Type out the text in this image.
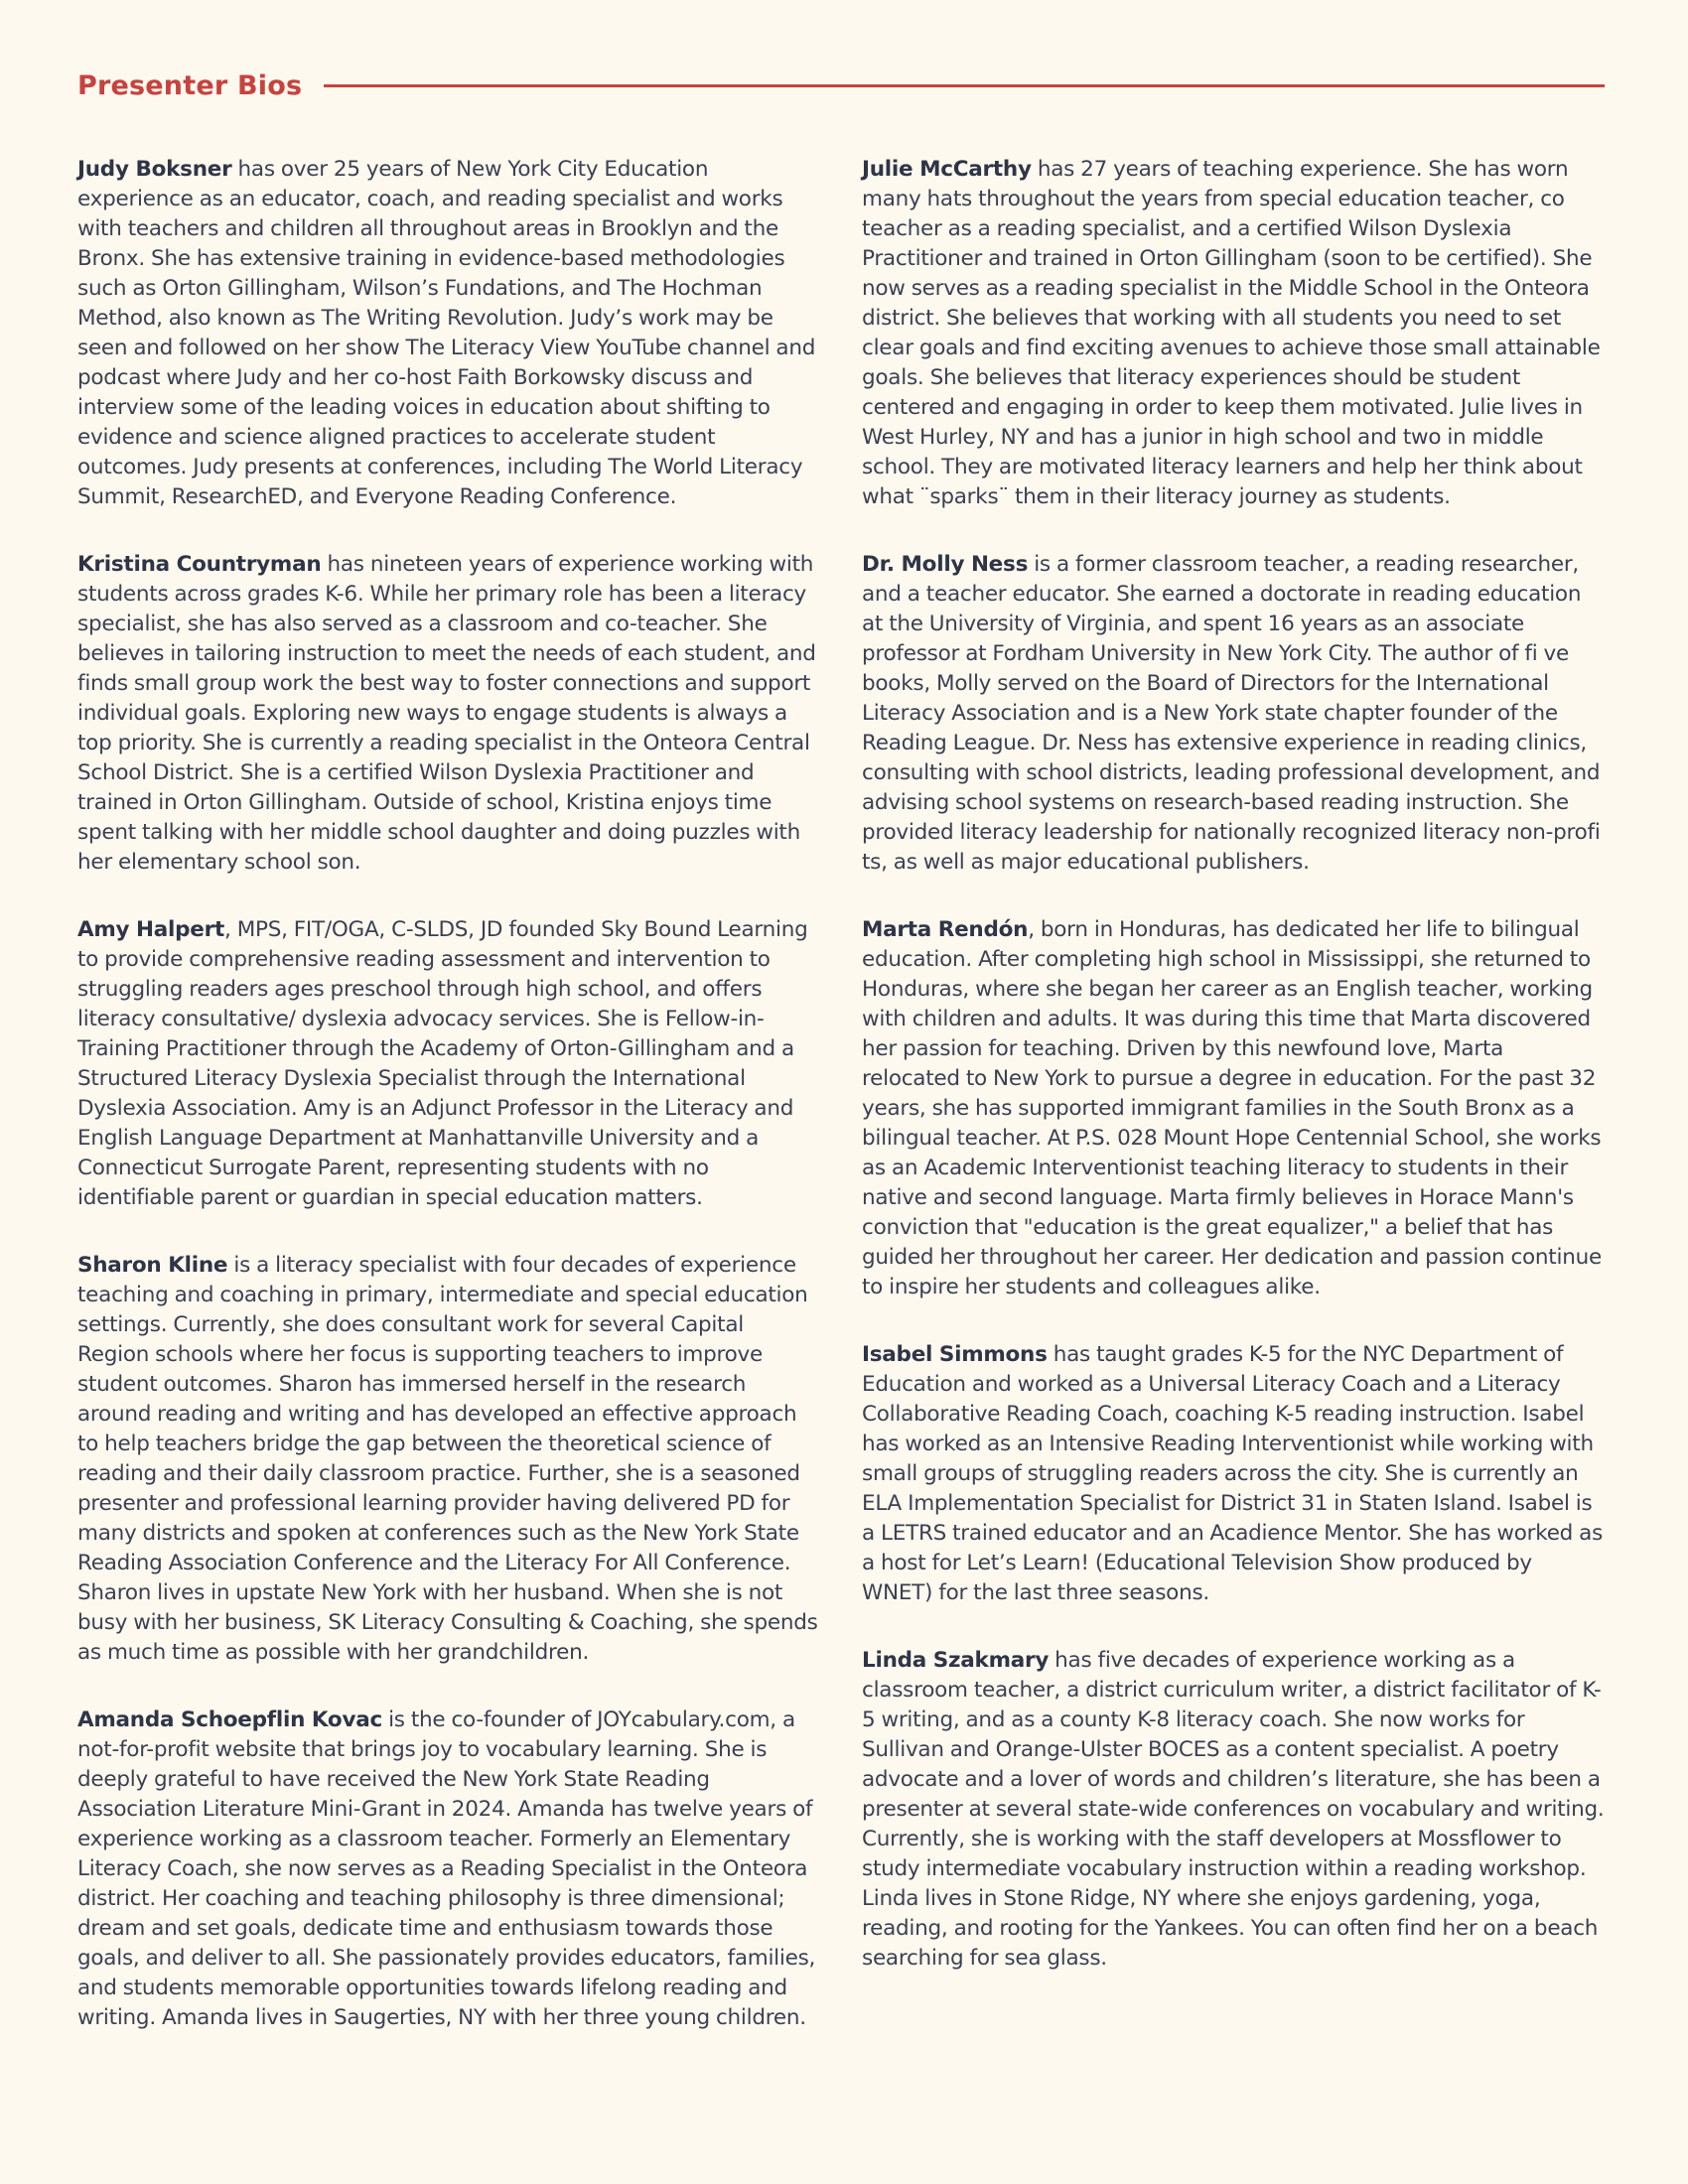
Presenter Bios

Judy Boksner has over 25 years of New York City Education experience as an educator, coach, and reading specialist and works with teachers and children all throughout areas in Brooklyn and the Bronx. She has extensive training in evidence-based methodologies such as Orton Gillingham, Wilson’s Fundations, and The Hochman Method, also known as The Writing Revolution. Judy’s work may be seen and followed on her show The Literacy View YouTube channel and podcast where Judy and her co-host Faith Borkowsky discuss and interview some of the leading voices in education about shifting to evidence and science aligned practices to accelerate student outcomes. Judy presents at conferences, including The World Literacy Summit, ResearchED, and Everyone Reading Conference.

Kristina Countryman has nineteen years of experience working with students across grades K-6. While her primary role has been a literacy specialist, she has also served as a classroom and co-teacher. She believes in tailoring instruction to meet the needs of each student, and finds small group work the best way to foster connections and support individual goals. Exploring new ways to engage students is always a top priority. She is currently a reading specialist in the Onteora Central School District. She is a certified Wilson Dyslexia Practitioner and trained in Orton Gillingham. Outside of school, Kristina enjoys time spent talking with her middle school daughter and doing puzzles with her elementary school son.

Amy Halpert, MPS, FIT/OGA, C-SLDS, JD founded Sky Bound Learning to provide comprehensive reading assessment and intervention to struggling readers ages preschool through high school, and offers literacy consultative/ dyslexia advocacy services. She is Fellow-in-Training Practitioner through the Academy of Orton-Gillingham and a Structured Literacy Dyslexia Specialist through the International Dyslexia Association. Amy is an Adjunct Professor in the Literacy and English Language Department at Manhattanville University and a Connecticut Surrogate Parent, representing students with no identifiable parent or guardian in special education matters.

Sharon Kline is a literacy specialist with four decades of experience teaching and coaching in primary, intermediate and special education settings. Currently, she does consultant work for several Capital Region schools where her focus is supporting teachers to improve student outcomes. Sharon has immersed herself in the research around reading and writing and has developed an effective approach to help teachers bridge the gap between the theoretical science of reading and their daily classroom practice. Further, she is a seasoned presenter and professional learning provider having delivered PD for many districts and spoken at conferences such as the New York State Reading Association Conference and the Literacy For All Conference. Sharon lives in upstate New York with her husband. When she is not busy with her business, SK Literacy Consulting & Coaching, she spends as much time as possible with her grandchildren.

Amanda Schoepflin Kovac is the co-founder of JOYcabulary.com, a not-for-profit website that brings joy to vocabulary learning. She is deeply grateful to have received the New York State Reading Association Literature Mini-Grant in 2024. Amanda has twelve years of experience working as a classroom teacher. Formerly an Elementary Literacy Coach, she now serves as a Reading Specialist in the Onteora district. Her coaching and teaching philosophy is three dimensional; dream and set goals, dedicate time and enthusiasm towards those goals, and deliver to all. She passionately provides educators, families, and students memorable opportunities towards lifelong reading and writing. Amanda lives in Saugerties, NY with her three young children.

Julie McCarthy has 27 years of teaching experience. She has worn many hats throughout the years from special education teacher, co teacher as a reading specialist, and a certified Wilson Dyslexia Practitioner and trained in Orton Gillingham (soon to be certified). She now serves as a reading specialist in the Middle School in the Onteora district. She believes that working with all students you need to set clear goals and find exciting avenues to achieve those small attainable goals. She believes that literacy experiences should be student centered and engaging in order to keep them motivated. Julie lives in West Hurley, NY and has a junior in high school and two in middle school. They are motivated literacy learners and help her think about what ¨sparks¨ them in their literacy journey as students.

Dr. Molly Ness is a former classroom teacher, a reading researcher, and a teacher educator. She earned a doctorate in reading education at the University of Virginia, and spent 16 years as an associate professor at Fordham University in New York City. The author of fi ve books, Molly served on the Board of Directors for the International Literacy Association and is a New York state chapter founder of the Reading League. Dr. Ness has extensive experience in reading clinics, consulting with school districts, leading professional development, and advising school systems on research-based reading instruction. She provided literacy leadership for nationally recognized literacy non-profi ts, as well as major educational publishers.

Marta Rendón, born in Honduras, has dedicated her life to bilingual education. After completing high school in Mississippi, she returned to Honduras, where she began her career as an English teacher, working with children and adults. It was during this time that Marta discovered her passion for teaching. Driven by this newfound love, Marta relocated to New York to pursue a degree in education. For the past 32 years, she has supported immigrant families in the South Bronx as a bilingual teacher. At P.S. 028 Mount Hope Centennial School, she works as an Academic Interventionist teaching literacy to students in their native and second language. Marta firmly believes in Horace Mann's conviction that "education is the great equalizer," a belief that has guided her throughout her career. Her dedication and passion continue to inspire her students and colleagues alike.

Isabel Simmons has taught grades K-5 for the NYC Department of Education and worked as a Universal Literacy Coach and a Literacy Collaborative Reading Coach, coaching K-5 reading instruction. Isabel has worked as an Intensive Reading Interventionist while working with small groups of struggling readers across the city. She is currently an ELA Implementation Specialist for District 31 in Staten Island. Isabel is a LETRS trained educator and an Acadience Mentor. She has worked as a host for Let’s Learn! (Educational Television Show produced by WNET) for the last three seasons.

Linda Szakmary has five decades of experience working as a classroom teacher, a district curriculum writer, a district facilitator of K-5 writing, and as a county K-8 literacy coach. She now works for Sullivan and Orange-Ulster BOCES as a content specialist. A poetry advocate and a lover of words and children’s literature, she has been a presenter at several state-wide conferences on vocabulary and writing. Currently, she is working with the staff developers at Mossflower to study intermediate vocabulary instruction within a reading workshop. Linda lives in Stone Ridge, NY where she enjoys gardening, yoga, reading, and rooting for the Yankees. You can often find her on a beach searching for sea glass.
